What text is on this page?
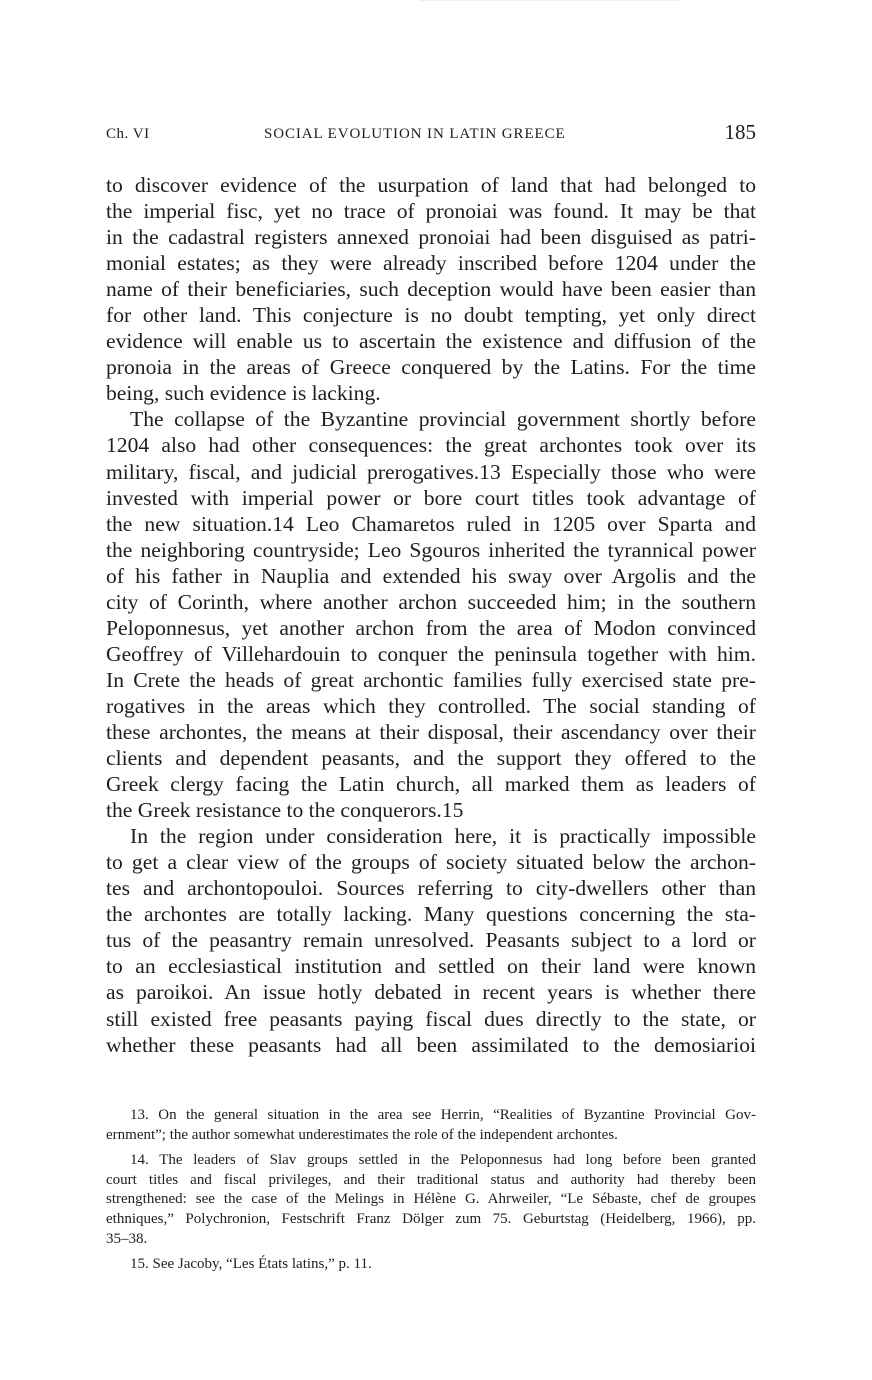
Ch. VI	SOCIAL EVOLUTION IN LATIN GREECE	185
to discover evidence of the usurpation of land that had belonged to
the imperial fisc, yet no trace of pronoiai was found. It may be that
in the cadastral registers annexed pronoiai had been disguised as patri-
monial estates; as they were already inscribed before 1204 under the
name of their beneficiaries, such deception would have been easier than
for other land. This conjecture is no doubt tempting, yet only direct
evidence will enable us to ascertain the existence and diffusion of the
pronoia in the areas of Greece conquered by the Latins. For the time
being, such evidence is lacking.
The collapse of the Byzantine provincial government shortly before
1204 also had other consequences: the great archontes took over its
military, fiscal, and judicial prerogatives.13 Especially those who were
invested with imperial power or bore court titles took advantage of
the new situation.14 Leo Chamaretos ruled in 1205 over Sparta and
the neighboring countryside; Leo Sgouros inherited the tyrannical power
of his father in Nauplia and extended his sway over Argolis and the
city of Corinth, where another archon succeeded him; in the southern
Peloponnesus, yet another archon from the area of Modon convinced
Geoffrey of Villehardouin to conquer the peninsula together with him.
In Crete the heads of great archontic families fully exercised state pre-
rogatives in the areas which they controlled. The social standing of
these archontes, the means at their disposal, their ascendancy over their
clients and dependent peasants, and the support they offered to the
Greek clergy facing the Latin church, all marked them as leaders of
the Greek resistance to the conquerors.15
In the region under consideration here, it is practically impossible
to get a clear view of the groups of society situated below the archon-
tes and archontopouloi. Sources referring to city-dwellers other than
the archontes are totally lacking. Many questions concerning the sta-
tus of the peasantry remain unresolved. Peasants subject to a lord or
to an ecclesiastical institution and settled on their land were known
as paroikoi. An issue hotly debated in recent years is whether there
still existed free peasants paying fiscal dues directly to the state, or
whether these peasants had all been assimilated to the demosiarioi
13. On the general situation in the area see Herrin, “Realities of Byzantine Provincial Gov-
ernment”; the author somewhat underestimates the role of the independent archontes.
14. The leaders of Slav groups settled in the Peloponnesus had long before been granted
court titles and fiscal privileges, and their traditional status and authority had thereby been
strengthened: see the case of the Melings in Hélène G. Ahrweiler, “Le Sébaste, chef de groupes
ethniques,” Polychronion, Festschrift Franz Dölger zum 75. Geburtstag (Heidelberg, 1966), pp.
35–38.
15. See Jacoby, “Les États latins,” p. 11.
